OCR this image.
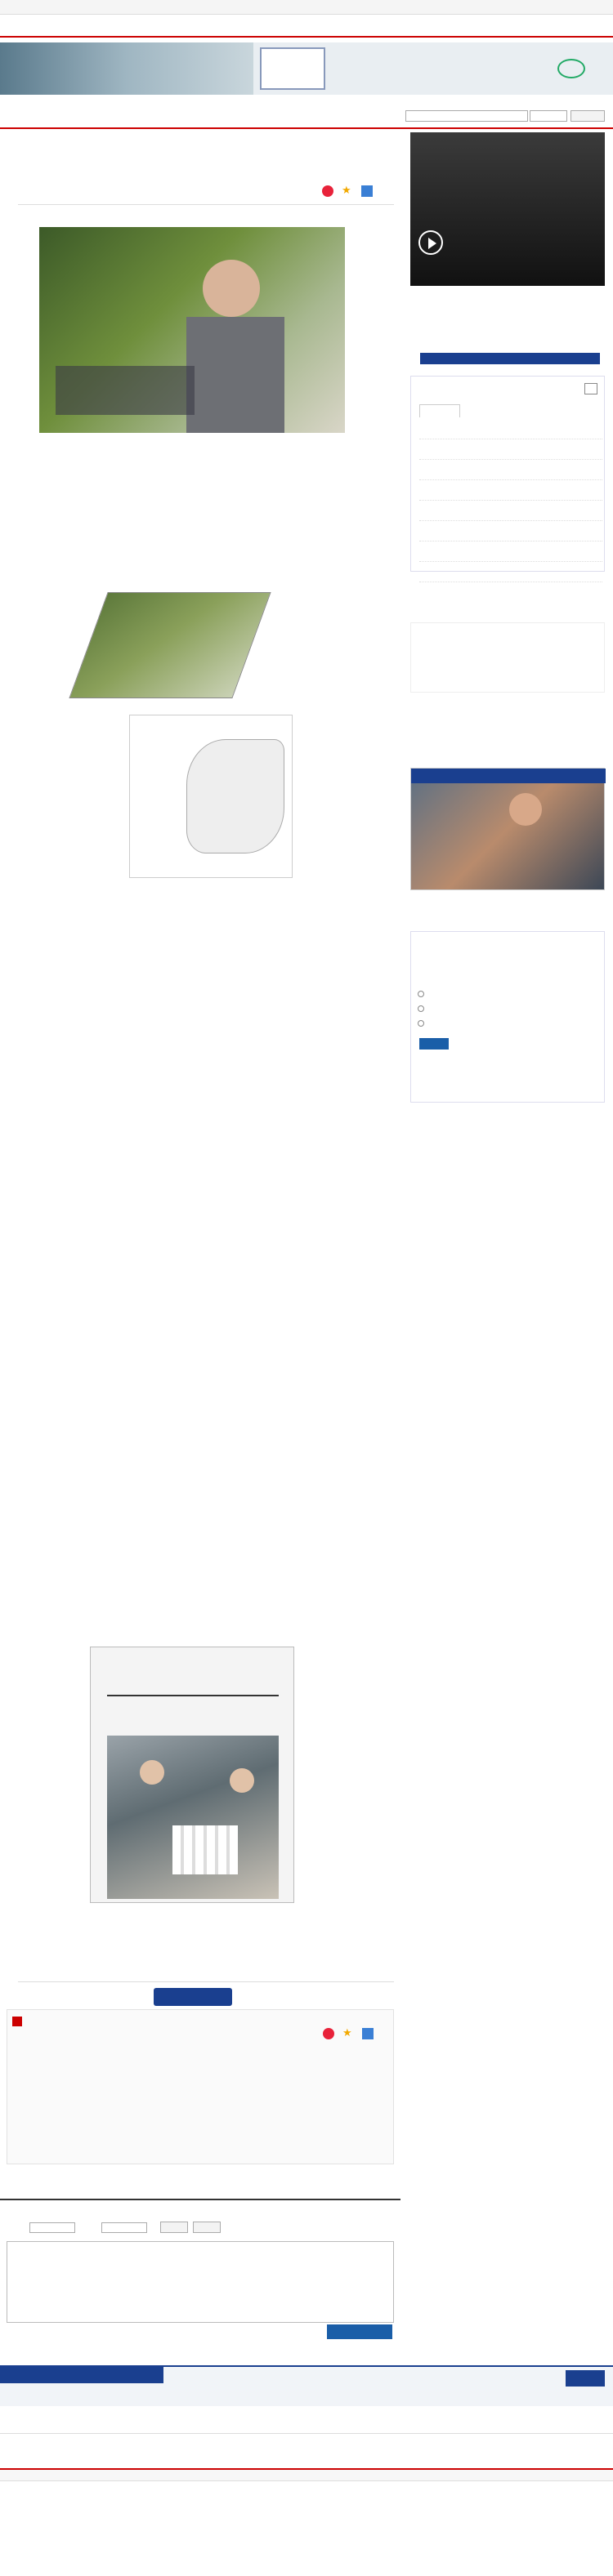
★

★
